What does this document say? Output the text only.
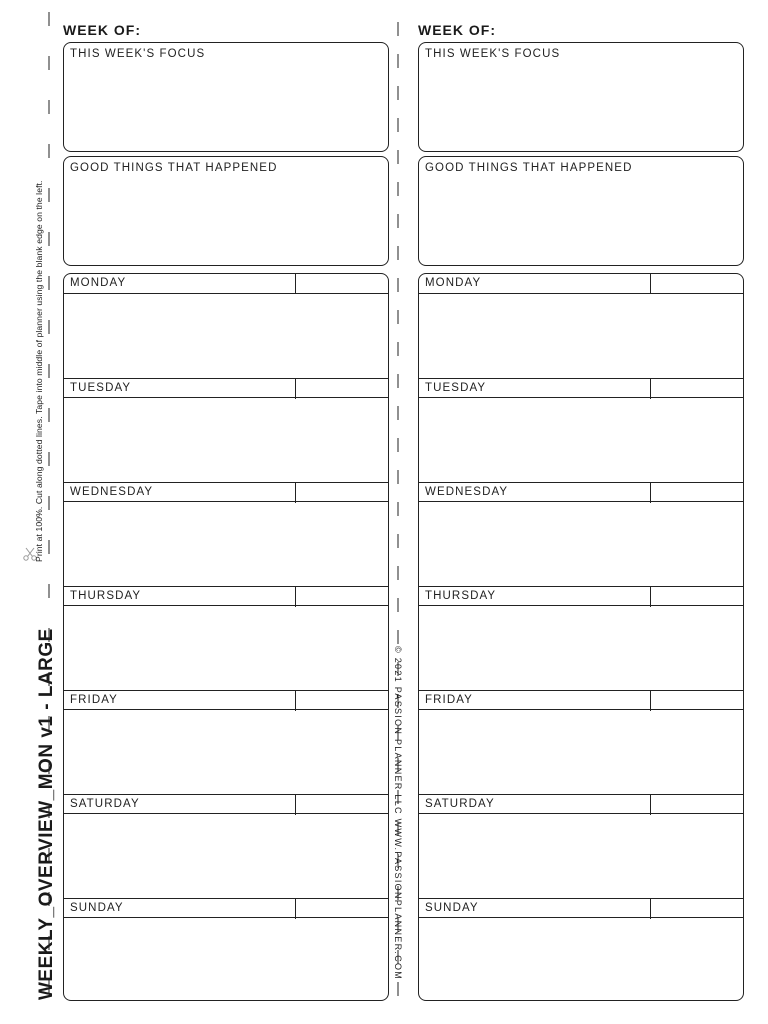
WEEKLY_OVERVIEW_MON v1 - LARGE
Print at 100%. Cut along dotted lines. Tape into middle of planner using the blank edge on the left.
WEEK OF:
THIS WEEK'S FOCUS
GOOD THINGS THAT HAPPENED
MONDAY
TUESDAY
WEDNESDAY
THURSDAY
FRIDAY
SATURDAY
SUNDAY	© 2021 PASSION PLANNER LLC WWW.PASSIONPLANNER.COM
WEEK OF:
THIS WEEK'S FOCUS
GOOD THINGS THAT HAPPENED
MONDAY
TUESDAY
WEDNESDAY
THURSDAY
FRIDAY
SATURDAY
SUNDAY
